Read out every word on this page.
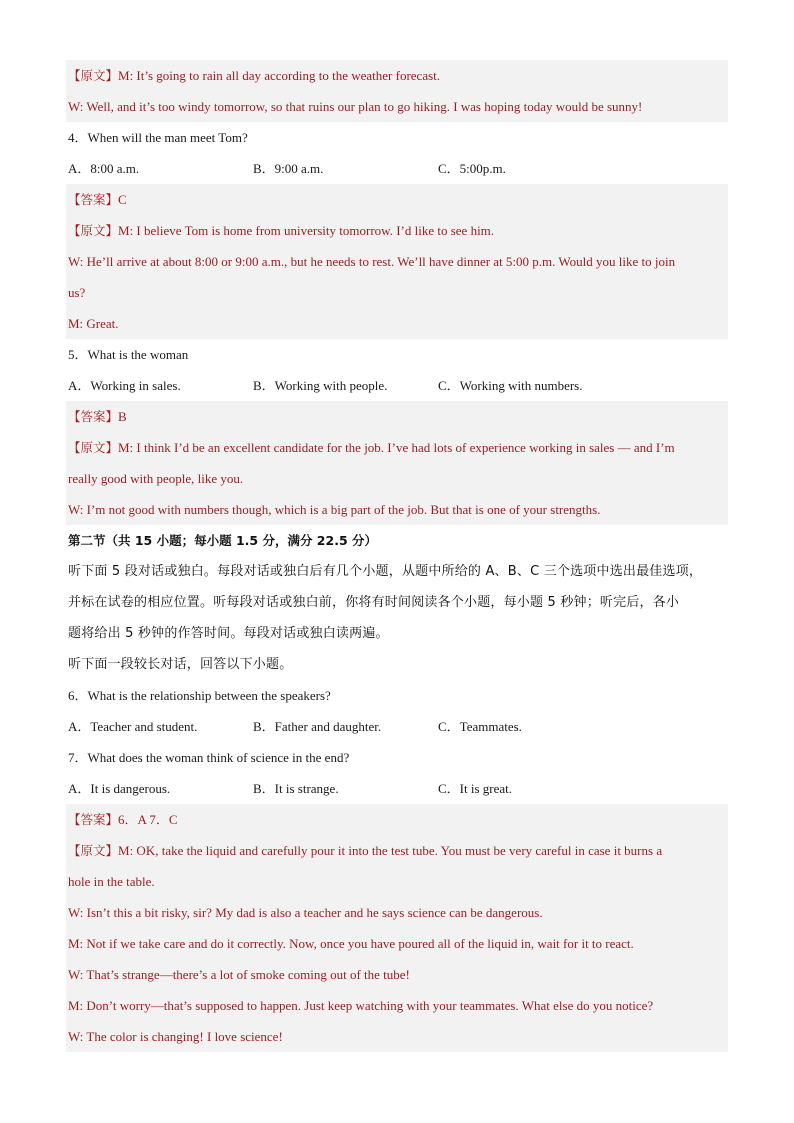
【原文】M: It’s going to rain all day according to the weather forecast.
W: Well, and it’s too windy tomorrow, so that ruins our plan to go hiking. I was hoping today would be sunny!
4．When will the man meet Tom?
A．8:00 a.m.	B．9:00 a.m.	C．5:00p.m.
【答案】C
【原文】M: I believe Tom is home from university tomorrow. I’d like to see him.
W: He’ll arrive at about 8:00 or 9:00 a.m., but he needs to rest. We’ll have dinner at 5:00 p.m. Would you like to join
us?
M: Great.
5．What is the woman
A．Working in sales.	B．Working with people.	C．Working with numbers.
【答案】B
【原文】M: I think I’d be an excellent candidate for the job. I’ve had lots of experience working in sales — and I’m
really good with people, like you.
W: I’m not good with numbers though, which is a big part of the job. But that is one of your strengths.
第二节（共 15 小题；每小题 1.5 分，满分 22.5 分）
听下面 5 段对话或独白。每段对话或独白后有几个小题，从题中所给的 A、B、C 三个选项中选出最佳选项，
并标在试卷的相应位置。听每段对话或独白前，你将有时间阅读各个小题，每小题 5 秒钟；听完后，各小
题将给出 5 秒钟的作答时间。每段对话或独白读两遍。
听下面一段较长对话，回答以下小题。
6．What is the relationship between the speakers?
A．Teacher and student.	B．Father and daughter.	C．Teammates.
7．What does the woman think of science in the end?
A．It is dangerous.	B．It is strange.	C．It is great.
【答案】6．A 7．C
【原文】M: OK, take the liquid and carefully pour it into the test tube. You must be very careful in case it burns a
hole in the table.
W: Isn’t this a bit risky, sir? My dad is also a teacher and he says science can be dangerous.
M: Not if we take care and do it correctly. Now, once you have poured all of the liquid in, wait for it to react.
W: That’s strange—there’s a lot of smoke coming out of the tube!
M: Don’t worry—that’s supposed to happen. Just keep watching with your teammates. What else do you notice?
W: The color is changing! I love science!
